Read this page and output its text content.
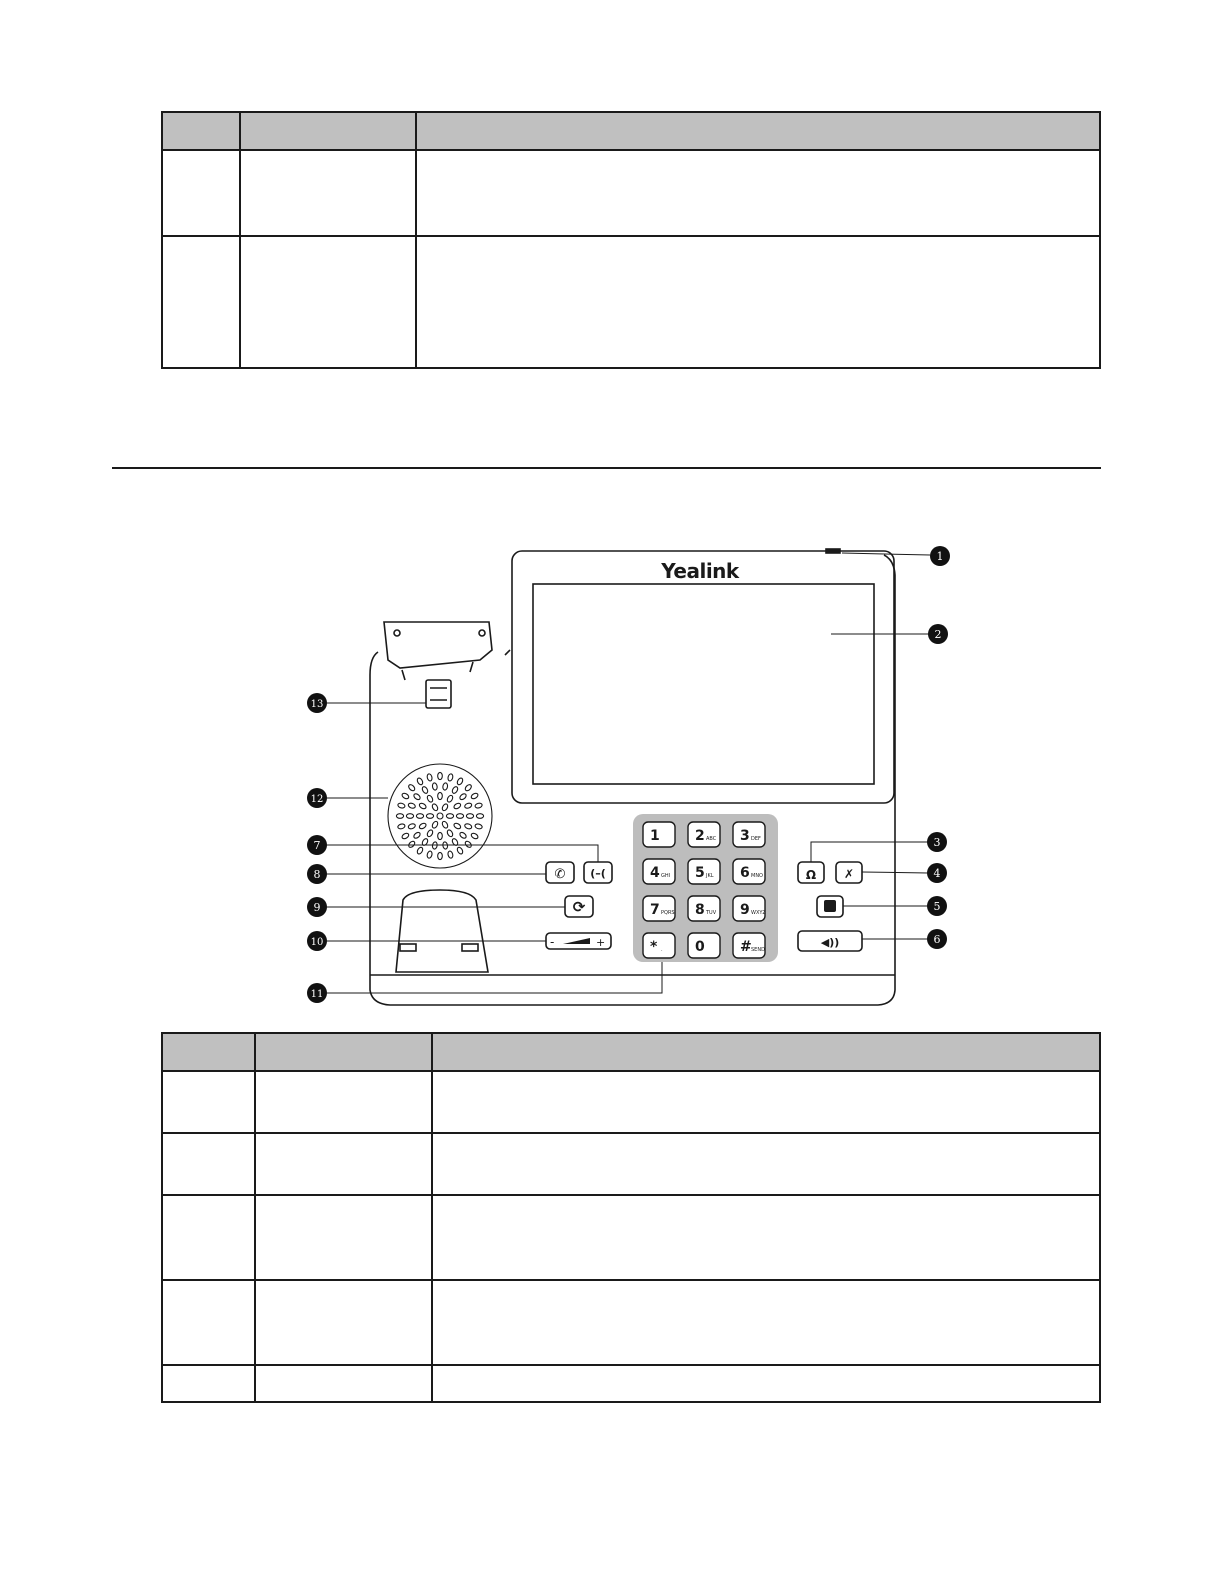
1	2 ABC 3 DEF
4 GHI 5 JKL 6 MNO
7 PQRS 8 TUV 9 WXYZ
* . 0	# SEND
✆ (–(
⟳
Ω ✗
◀))
-	+
Yealink
1
2
3
4
5
6
7
8
9
10
11
12
13
